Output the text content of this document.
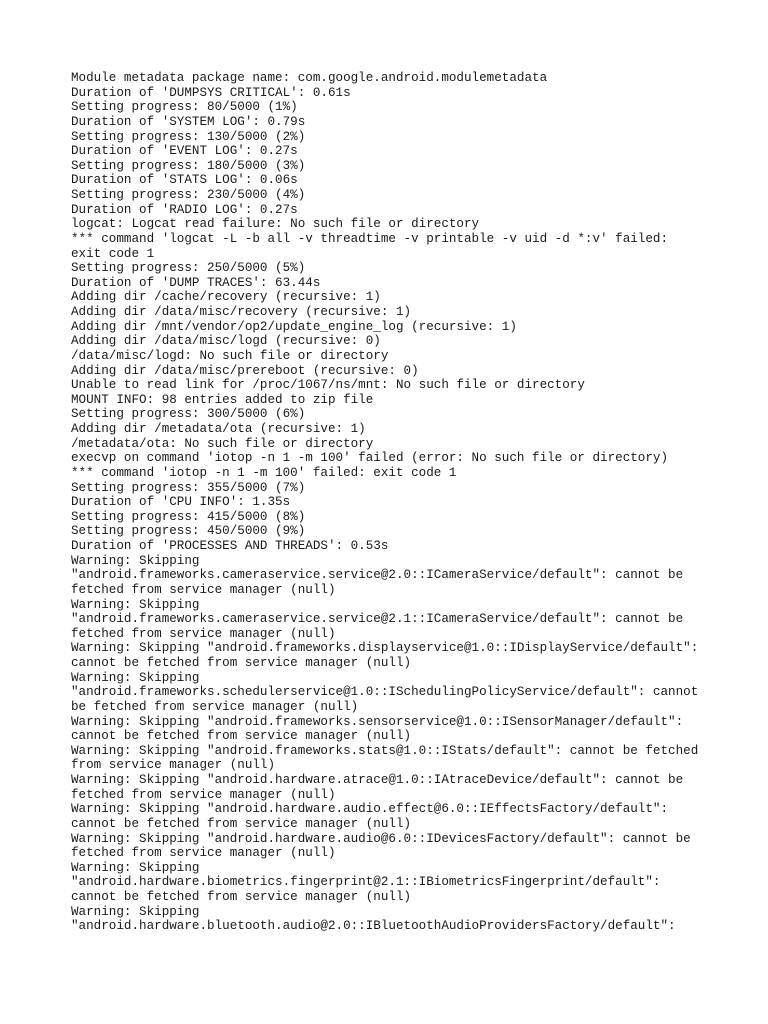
Module metadata package name: com.google.android.modulemetadata
Duration of 'DUMPSYS CRITICAL': 0.61s
Setting progress: 80/5000 (1%)
Duration of 'SYSTEM LOG': 0.79s
Setting progress: 130/5000 (2%)
Duration of 'EVENT LOG': 0.27s
Setting progress: 180/5000 (3%)
Duration of 'STATS LOG': 0.06s
Setting progress: 230/5000 (4%)
Duration of 'RADIO LOG': 0.27s
logcat: Logcat read failure: No such file or directory
*** command 'logcat -L -b all -v threadtime -v printable -v uid -d *:v' failed:
exit code 1
Setting progress: 250/5000 (5%)
Duration of 'DUMP TRACES': 63.44s
Adding dir /cache/recovery (recursive: 1)
Adding dir /data/misc/recovery (recursive: 1)
Adding dir /mnt/vendor/op2/update_engine_log (recursive: 1)
Adding dir /data/misc/logd (recursive: 0)
/data/misc/logd: No such file or directory
Adding dir /data/misc/prereboot (recursive: 0)
Unable to read link for /proc/1067/ns/mnt: No such file or directory
MOUNT INFO: 98 entries added to zip file
Setting progress: 300/5000 (6%)
Adding dir /metadata/ota (recursive: 1)
/metadata/ota: No such file or directory
execvp on command 'iotop -n 1 -m 100' failed (error: No such file or directory)
*** command 'iotop -n 1 -m 100' failed: exit code 1
Setting progress: 355/5000 (7%)
Duration of 'CPU INFO': 1.35s
Setting progress: 415/5000 (8%)
Setting progress: 450/5000 (9%)
Duration of 'PROCESSES AND THREADS': 0.53s
Warning: Skipping
"android.frameworks.cameraservice.service@2.0::ICameraService/default": cannot be
fetched from service manager (null)
Warning: Skipping
"android.frameworks.cameraservice.service@2.1::ICameraService/default": cannot be
fetched from service manager (null)
Warning: Skipping "android.frameworks.displayservice@1.0::IDisplayService/default":
cannot be fetched from service manager (null)
Warning: Skipping
"android.frameworks.schedulerservice@1.0::ISchedulingPolicyService/default": cannot
be fetched from service manager (null)
Warning: Skipping "android.frameworks.sensorservice@1.0::ISensorManager/default":
cannot be fetched from service manager (null)
Warning: Skipping "android.frameworks.stats@1.0::IStats/default": cannot be fetched
from service manager (null)
Warning: Skipping "android.hardware.atrace@1.0::IAtraceDevice/default": cannot be
fetched from service manager (null)
Warning: Skipping "android.hardware.audio.effect@6.0::IEffectsFactory/default":
cannot be fetched from service manager (null)
Warning: Skipping "android.hardware.audio@6.0::IDevicesFactory/default": cannot be
fetched from service manager (null)
Warning: Skipping
"android.hardware.biometrics.fingerprint@2.1::IBiometricsFingerprint/default":
cannot be fetched from service manager (null)
Warning: Skipping
"android.hardware.bluetooth.audio@2.0::IBluetoothAudioProvidersFactory/default":
